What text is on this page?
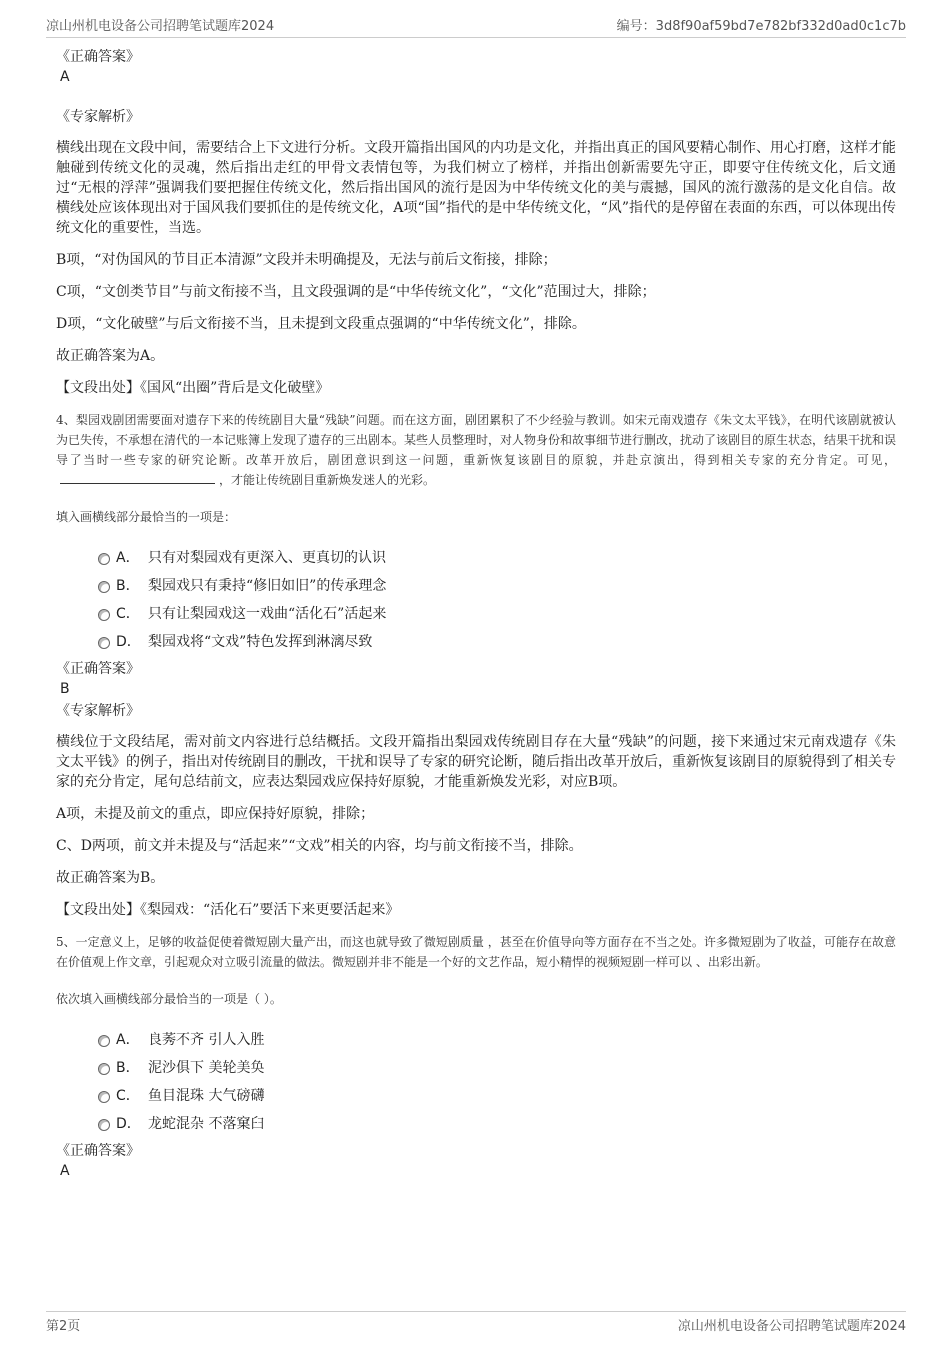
凉山州机电设备公司招聘笔试题库2024	编号：3d8f90af59bd7e782bf332d0ad0c1c7b

《正确答案》

A

《专家解析》

横线出现在文段中间，需要结合上下文进行分析。文段开篇指出国风的内功是文化，并指出真正的国风要精心制作、用心打磨，这样才能触碰到传统文化的灵魂，然后指出走红的甲骨文表情包等，为我们树立了榜样，并指出创新需要先守正，即要守住传统文化，后文通过“无根的浮萍”强调我们要把握住传统文化，然后指出国风的流行是因为中华传统文化的美与震撼，国风的流行激荡的是文化自信。故横线处应该体现出对于国风我们要抓住的是传统文化，A项“国”指代的是中华传统文化，“风”指代的是停留在表面的东西，可以体现出传统文化的重要性，当选。

B项，“对伪国风的节目正本清源”文段并未明确提及，无法与前后文衔接，排除；

C项，“文创类节目”与前文衔接不当，且文段强调的是“中华传统文化”，“文化”范围过大，排除；

D项，“文化破壁”与后文衔接不当，且未提到文段重点强调的“中华传统文化”，排除。

故正确答案为A。

【文段出处】《国风“出圈”背后是文化破壁》

4、梨园戏剧团需要面对遗存下来的传统剧目大量“残缺”问题。而在这方面，剧团累积了不少经验与教训。如宋元南戏遗存《朱文太平钱》，在明代该剧就被认为已失传，不承想在清代的一本记账簿上发现了遗存的三出剧本。某些人员整理时，对人物身份和故事细节进行删改，扰动了该剧目的原生状态，结果干扰和误导了当时一些专家的研究论断。改革开放后，剧团意识到这一问题，重新恢复该剧目的原貌，并赴京演出，得到相关专家的充分肯定。可见，，才能让传统剧目重新焕发迷人的光彩。

填入画横线部分最恰当的一项是：

A． 只有对梨园戏有更深入、更真切的认识
B． 梨园戏只有秉持“修旧如旧”的传承理念
C． 只有让梨园戏这一戏曲“活化石”活起来
D． 梨园戏将“文戏”特色发挥到淋漓尽致

《正确答案》

B

《专家解析》

横线位于文段结尾，需对前文内容进行总结概括。文段开篇指出梨园戏传统剧目存在大量“残缺”的问题，接下来通过宋元南戏遗存《朱文太平钱》的例子，指出对传统剧目的删改，干扰和误导了专家的研究论断，随后指出改革开放后，重新恢复该剧目的原貌得到了相关专家的充分肯定，尾句总结前文，应表达梨园戏应保持好原貌，才能重新焕发光彩，对应B项。

A项，未提及前文的重点，即应保持好原貌，排除；

C、D两项，前文并未提及与“活起来”“文戏”相关的内容，均与前文衔接不当，排除。

故正确答案为B。

【文段出处】《梨园戏：“活化石”要活下来更要活起来》

5、一定意义上，足够的收益促使着微短剧大量产出，而这也就导致了微短剧质量 ，甚至在价值导向等方面存在不当之处。许多微短剧为了收益，可能存在故意在价值观上作文章，引起观众对立吸引流量的做法。微短剧并非不能是一个好的文艺作品，短小精悍的视频短剧一样可以 、出彩出新。

依次填入画横线部分最恰当的一项是（ ）。

A． 良莠不齐 引人入胜
B． 泥沙俱下 美轮美奂
C． 鱼目混珠 大气磅礴
D． 龙蛇混杂 不落窠臼

《正确答案》

A

第2页	凉山州机电设备公司招聘笔试题库2024
